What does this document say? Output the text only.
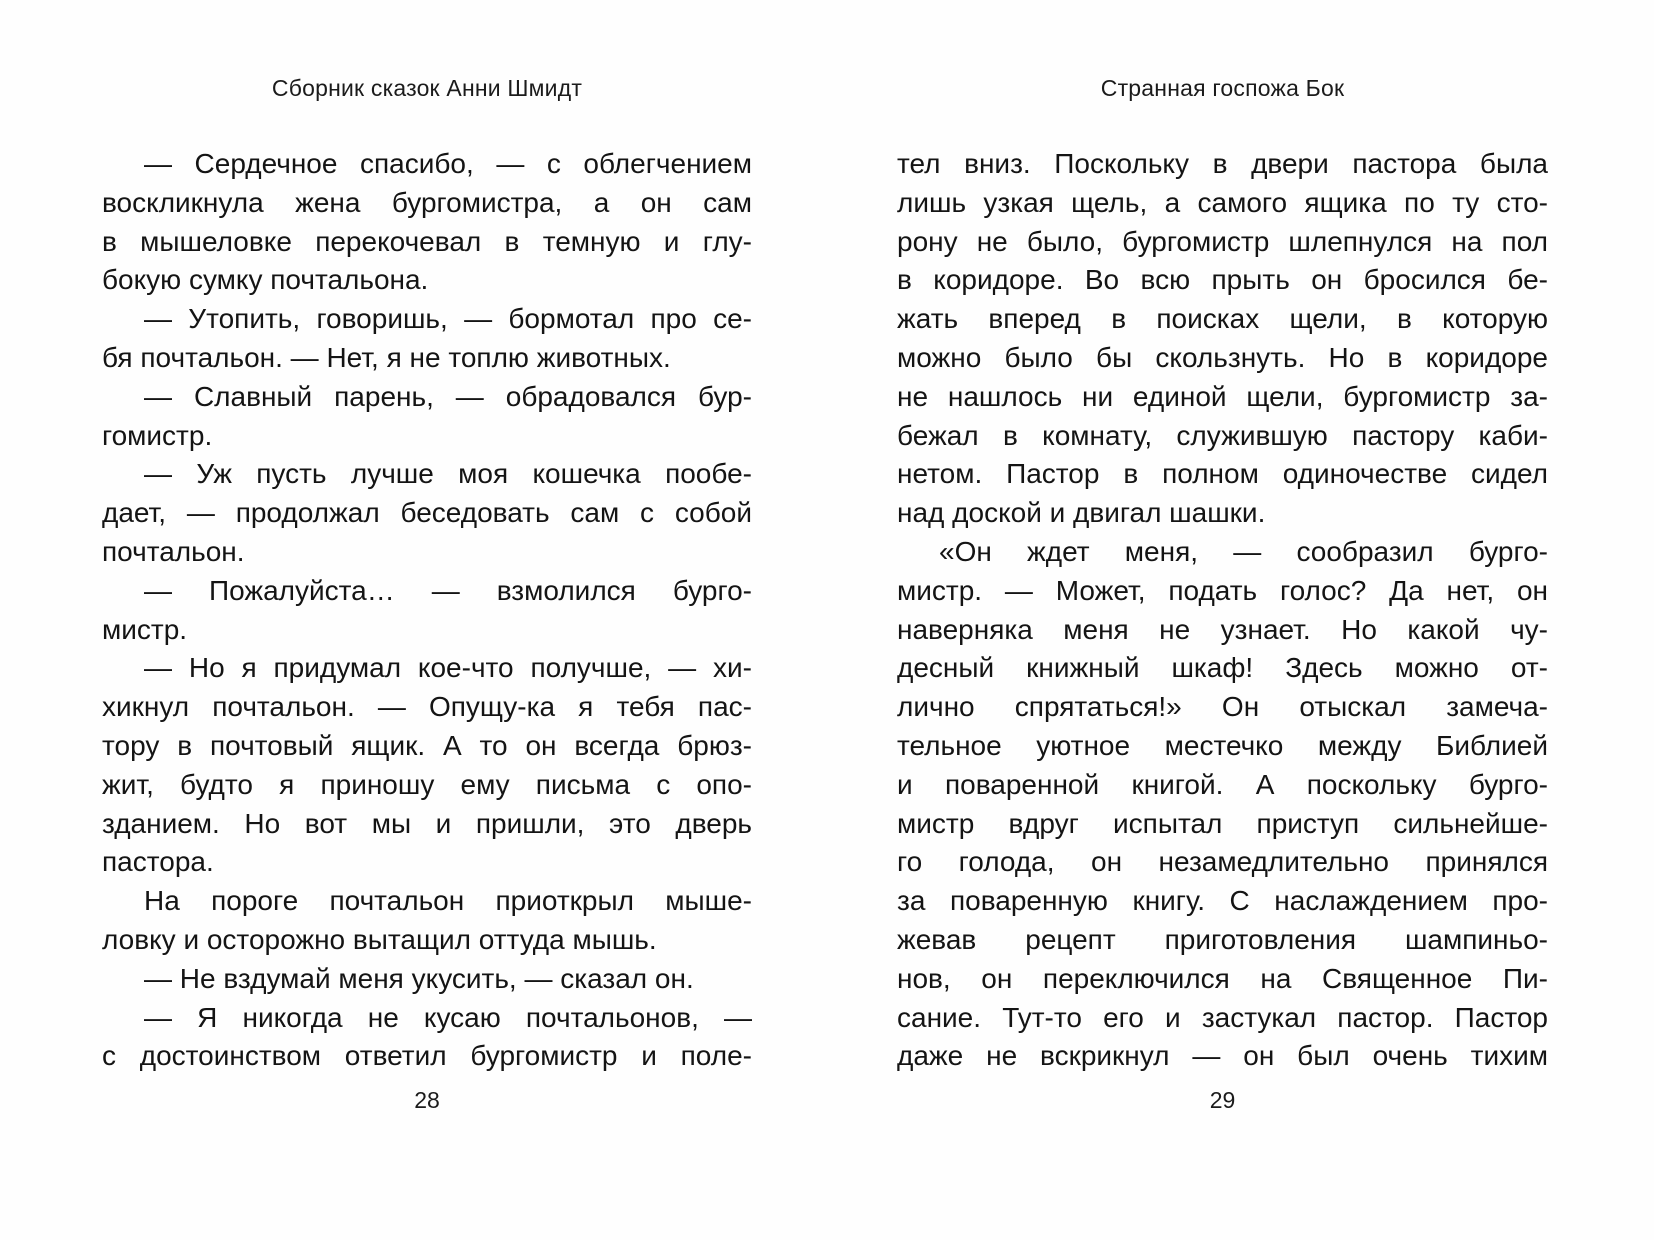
Сборник сказок Анни Шмидт
— Сердечное спасибо, — с облегчением
воскликнула жена бургомистра, а он сам
в мышеловке перекочевал в темную и глу-
бокую сумку почтальона.
— Утопить, говоришь, — бормотал про се-
бя почтальон. — Нет, я не топлю животных.
— Славный парень, — обрадовался бур-
гомистр.
— Уж пусть лучше моя кошечка пообе-
дает, — продолжал беседовать сам с собой
почтальон.
— Пожалуйста… — взмолился бурго-
мистр.
— Но я придумал кое-что получше, — хи-
хикнул почтальон. — Опущу-ка я тебя пас-
тору в почтовый ящик. А то он всегда брюз-
жит, будто я приношу ему письма с опо-
зданием. Но вот мы и пришли, это дверь
пастора.
На пороге почтальон приоткрыл мыше-
ловку и осторожно вытащил оттуда мышь.
— Не вздумай меня укусить, — сказал он.
— Я никогда не кусаю почтальонов, —
с достоинством ответил бургомистр и поле-
28
Странная госпожа Бок
тел вниз. Поскольку в двери пастора была
лишь узкая щель, а самого ящика по ту сто-
рону не было, бургомистр шлепнулся на пол
в коридоре. Во всю прыть он бросился бе-
жать вперед в поисках щели, в которую
можно было бы скользнуть. Но в коридоре
не нашлось ни единой щели, бургомистр за-
бежал в комнату, служившую пастору каби-
нетом. Пастор в полном одиночестве сидел
над доской и двигал шашки.
«Он ждет меня, — сообразил бурго-
мистр. — Может, подать голос? Да нет, он
наверняка меня не узнает. Но какой чу-
десный книжный шкаф! Здесь можно от-
лично спрятаться!» Он отыскал замеча-
тельное уютное местечко между Библией
и поваренной книгой. А поскольку бурго-
мистр вдруг испытал приступ сильнейше-
го голода, он незамедлительно принялся
за поваренную книгу. С наслаждением про-
жевав рецепт приготовления шампиньо-
нов, он переключился на Священное Пи-
сание. Тут-то его и застукал пастор. Пастор
даже не вскрикнул — он был очень тихим
29
